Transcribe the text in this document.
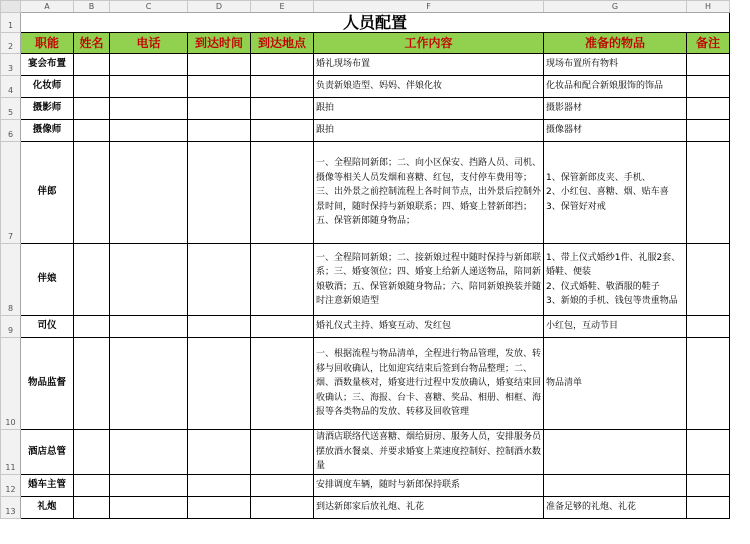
	A	B	C	D	E	F	G	H
1	人员配置							
2	职能	姓名	电话	到达时间	到达地点	工作内容	准备的物品	备注
3	宴会布置					婚礼现场布置	现场布置所有物料	
4	化妆师					负责新娘造型、妈妈、伴娘化妆	化妆品和配合新娘服饰的饰品	
5	摄影师					跟拍	摄影器材	
6	摄像师					跟拍	摄像器材	
7	伴郎					一、全程陪同新郎；二、向小区保安、挡路人员、司机、摄像等相关人员发烟和喜糖、红包，支付停车费用等；三、出外景之前控制流程上各时间节点，出外景后控制外景时间，随时保持与新娘联系；四、婚宴上替新郎挡；五、保管新郎随身物品；	1、保管新郎皮夹、手机、
2、小红包、喜糖、烟、贴车喜
3、保管好对戒	
8	伴娘					一、全程陪同新娘；二、接新娘过程中随时保持与新郎联系；三、婚宴领位；四、婚宴上给新人递送物品，陪同新娘敬酒；五、保管新娘随身物品；六、陪同新娘换装并随时注意新娘造型	1、带上仪式婚纱1件、礼服2套、婚鞋、便装
2、仪式婚鞋、敬酒服的鞋子
3、新娘的手机、钱包等贵重物品	
9	司仪					婚礼仪式主持、婚宴互动、发红包	小红包，互动节目	
10	物品监督					一、根据流程与物品清单，全程进行物品管理，发放、转移与回收确认，比如迎宾结束后签到台物品整理；二、烟、酒数量核对，婚宴进行过程中发放确认，婚宴结束回收确认；三、海报、台卡、喜糖、奖品、相册、相框、海报等各类物品的发放、转移及回收管理	物品清单	
11	酒店总管					请酒店联络代送喜糖、烟给厨房、服务人员，安排服务员摆放酒水餐桌、并要求婚宴上菜速度控制好、控制酒水数量		
12	婚车主管					安排调度车辆，随时与新郎保持联系		
13	礼炮					到达新郎家后放礼炮、礼花	准备足够的礼炮、礼花	
